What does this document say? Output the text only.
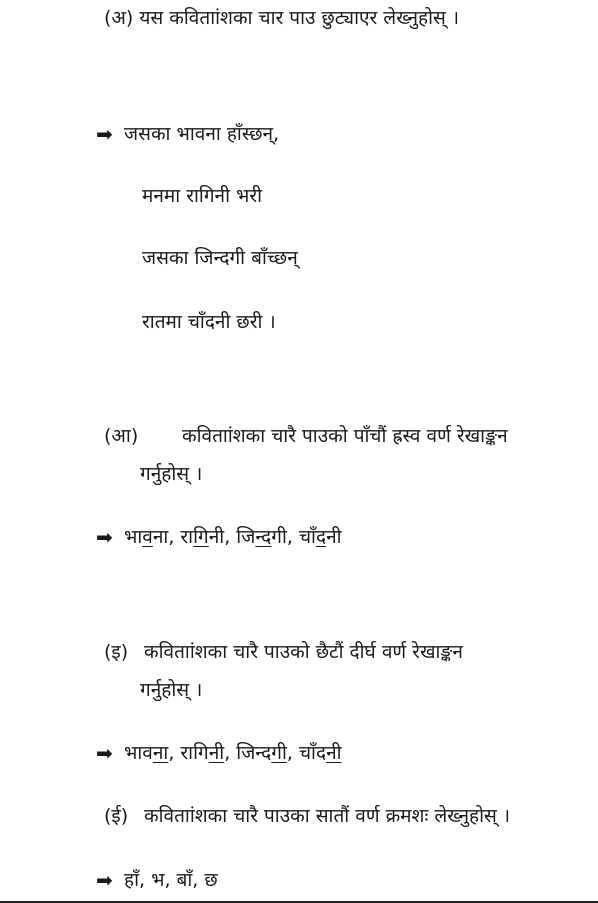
(अ) यस कविताांशका चार पाउ छुट्याएर लेख्नुहोस् ।
➡ जसका भावना हाँस्छन्,
मनमा रागिनी भरी
जसका जिन्दगी बाँच्छन्
रातमा चाँदनी छरी ।
(आ) कविताांशका चारै पाउको पाँचौं ह्रस्व वर्ण रेखाङ्कन
गर्नुहोस् ।
➡ भावना, रागिनी, जिन्दगी, चाँदनी
(इ) कविताांशका चारै पाउको छैटौं दीर्घ वर्ण रेखाङ्कन
गर्नुहोस् ।
➡ भावना, रागिनी, जिन्दगी, चाँदनी
(ई) कविताांशका चारै पाउका सातौं वर्ण क्रमशः लेख्नुहोस् ।
➡ हाँ, भ, बाँ, छ
